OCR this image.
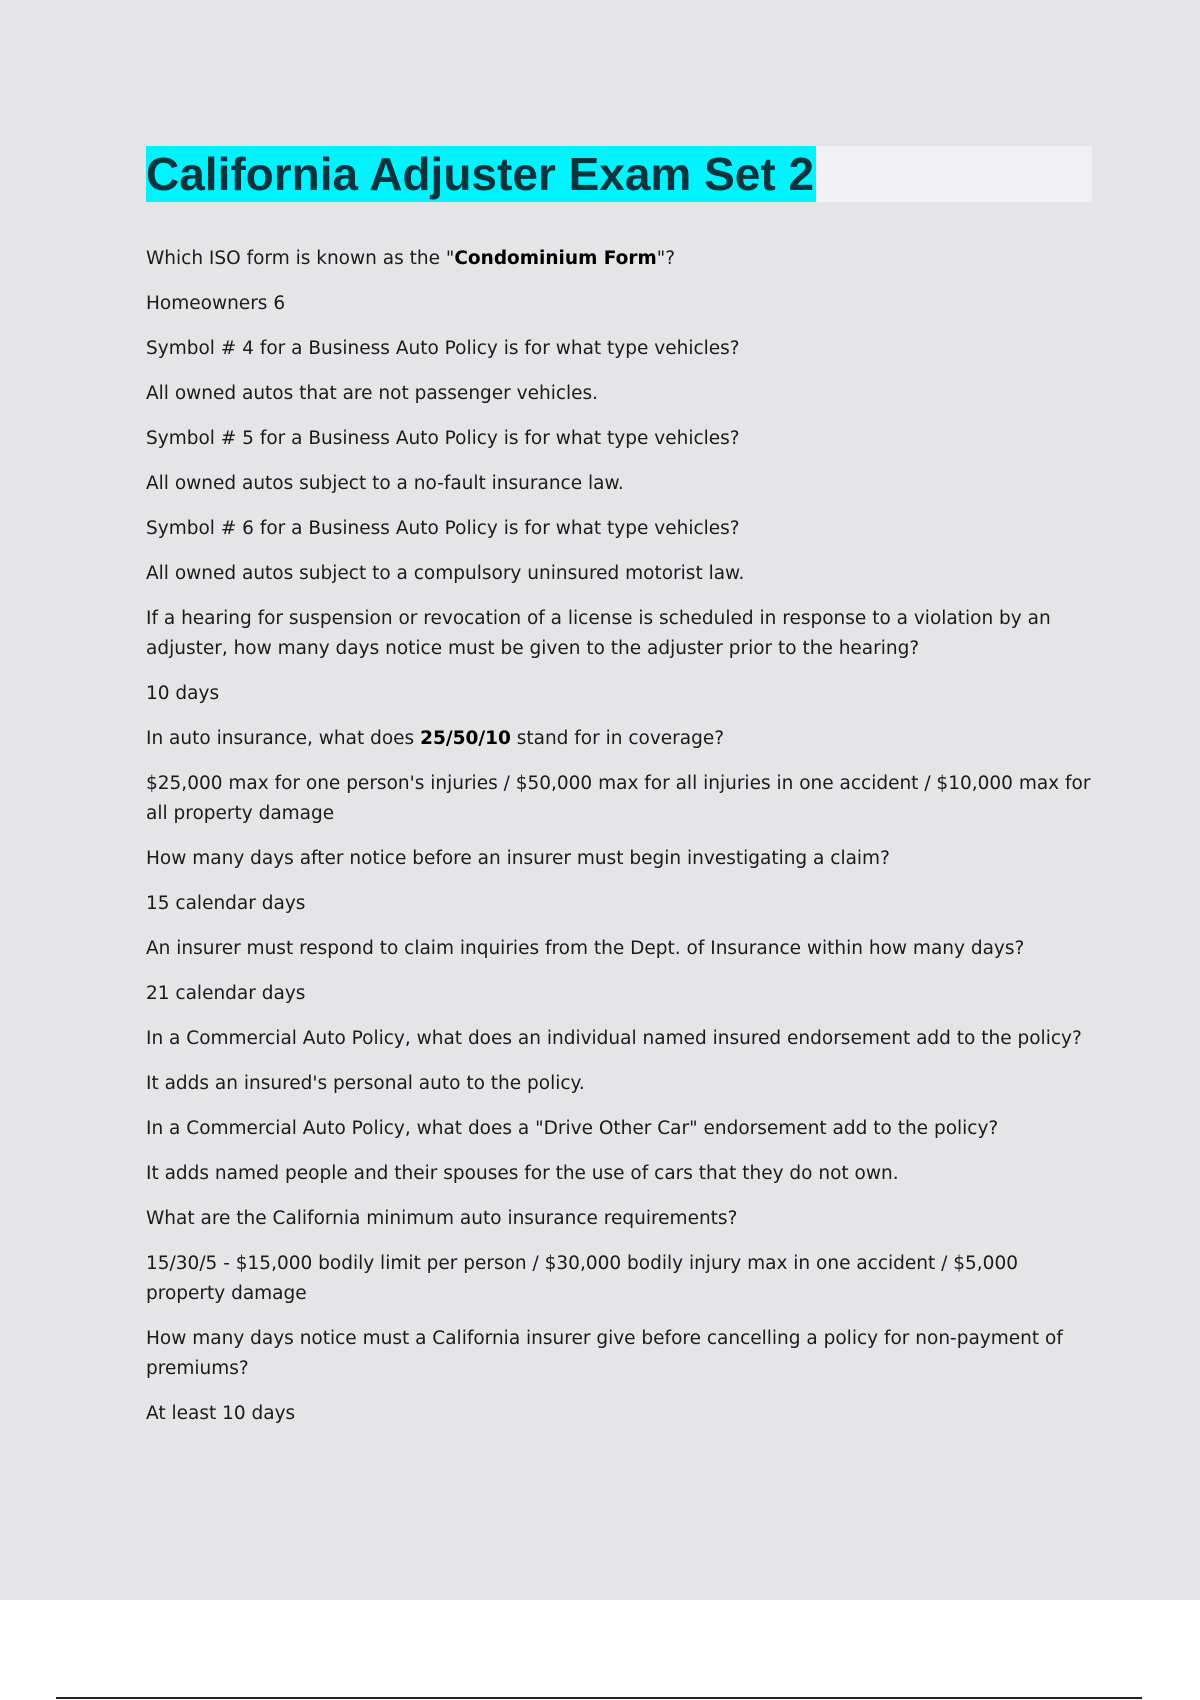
California Adjuster Exam Set 2

Which ISO form is known as the "Condominium Form"?

Homeowners 6

Symbol # 4 for a Business Auto Policy is for what type vehicles?

All owned autos that are not passenger vehicles.

Symbol # 5 for a Business Auto Policy is for what type vehicles?

All owned autos subject to a no-fault insurance law.

Symbol # 6 for a Business Auto Policy is for what type vehicles?

All owned autos subject to a compulsory uninsured motorist law.

If a hearing for suspension or revocation of a license is scheduled in response to a violation by an adjuster, how many days notice must be given to the adjuster prior to the hearing?

10 days

In auto insurance, what does 25/50/10 stand for in coverage?

$25,000 max for one person's injuries / $50,000 max for all injuries in one accident / $10,000 max for all property damage

How many days after notice before an insurer must begin investigating a claim?

15 calendar days

An insurer must respond to claim inquiries from the Dept. of Insurance within how many days?

21 calendar days

In a Commercial Auto Policy, what does an individual named insured endorsement add to the policy?

It adds an insured's personal auto to the policy.

In a Commercial Auto Policy, what does a "Drive Other Car" endorsement add to the policy?

It adds named people and their spouses for the use of cars that they do not own.

What are the California minimum auto insurance requirements?

15/30/5 - $15,000 bodily limit per person / $30,000 bodily injury max in one accident / $5,000 property damage

How many days notice must a California insurer give before cancelling a policy for non-payment of premiums?

At least 10 days
